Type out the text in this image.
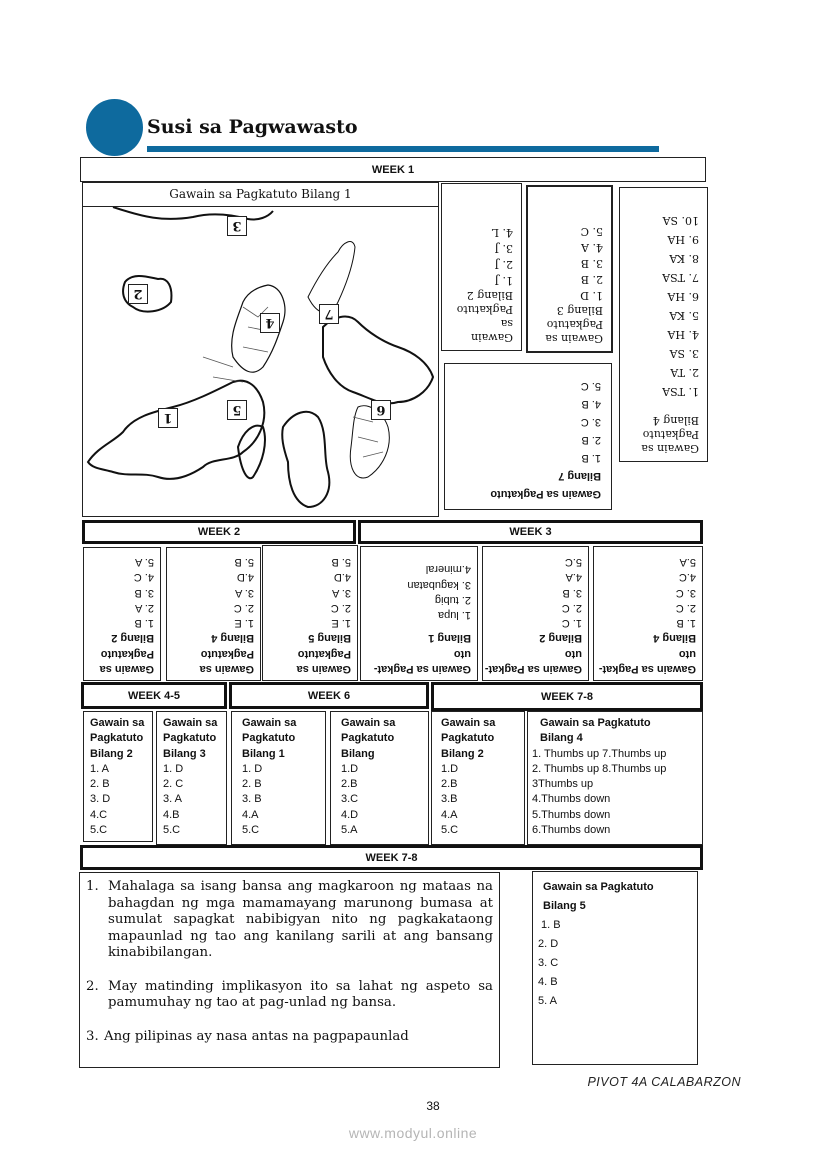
Susi sa Pagwawasto
WEEK 1
Gawain sa Pagkatuto Bilang 1
1
2
3
4
5	6
7
Gawain
sa
Pagkatuto
Bilang 2
1. J
2. J
3. J
4. L
Gawain sa
Pagkatuto
Bilang 3
1. D
2. B
3. B
4. A
5. C
Gawain sa
Pagkatuto
Bilang 4
1. TSA
2. TA
3. SA
4. HA
5. KA
6. HA
7. TSA
8. KA
9. HA
10. SA
Gawain sa Pagkatuto
Bilang 7
1. B
2. B
3. C
4. B
5. C
WEEK 2	WEEK 3
Gawain sa
Pagkatuto
Bilang 2
1. B
2. A
3. B
4. C
5. A
Gawain sa
Pagkatuto
Bilang 4
1. E
2. C
3. A
4.D
5. B
Gawain sa
Pagkatuto
Bilang 5
1. E
2. C
3. A
4.D
5. B
Gawain sa Pagkat-
uto
Bilang 1
1. lupa
2. tubig
3. kagubatan
4.mineral
Gawain sa Pagkat-
uto
Bilang 2
1. C
2. C
3. B
4.A
5.C
Gawain sa Pagkat-
uto
Bilang 4
1. B
2. C
3. C
4.C
5.A
WEEK 4-5	WEEK 6	WEEK 7-8
Gawain sa
Pagkatuto
Bilang 2
1. A
2. B
3. D
4.C
5.C
Gawain sa
Pagkatuto
Bilang 3
1. D
2. C
3. A
4.B
5.C
Gawain sa
Pagkatuto
Bilang 1
1. D
2. B
3. B
4.A
5.C
Gawain sa
Pagkatuto
Bilang
1.D
2.B
3.C
4.D
5.A
Gawain sa
Pagkatuto
Bilang 2
1.D
2.B
3.B
4.A
5.C
Gawain sa Pagkatuto
Bilang 4
1. Thumbs up 7.Thumbs up
2. Thumbs up 8.Thumbs up
3Thumbs up
4.Thumbs down
5.Thumbs down
6.Thumbs down
WEEK 7-8
1. Mahalaga sa isang bansa ang magkaroon ng mataas na bahagdan ng mga mamamayang marunong bumasa at sumulat sapagkat nabibigyan nito ng pagkakataong mapaunlad ng tao ang kanilang sarili at ang bansang kinabibilangan.
2. May matinding implikasyon ito sa lahat ng aspeto sa pamumuhay ng tao at pag-unlad ng bansa.
3. Ang pilipinas ay nasa antas na pagpapaunlad
Gawain sa Pagkatuto
Bilang 5
1. B
2. D
3. C
4. B
5. A
PIVOT 4A CALABARZON
38
www.modyul.online
